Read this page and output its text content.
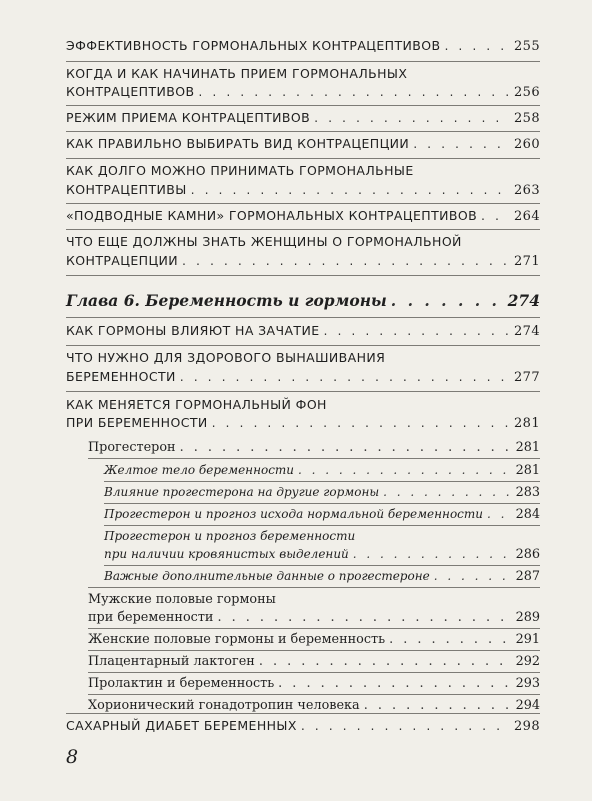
ЭФФЕКТИВНОСТЬ ГОРМОНАЛЬНЫХ КОНТРАЦЕПТИВОВ . . .	255
КОГДА И КАК НАЧИНАТЬ ПРИЕМ ГОРМОНАЛЬНЫХ
КОНТРАЦЕПТИВОВ . . .	256
РЕЖИМ ПРИЕМА КОНТРАЦЕПТИВОВ . . .	258
КАК ПРАВИЛЬНО ВЫБИРАТЬ ВИД КОНТРАЦЕПЦИИ . . .	260
КАК ДОЛГО МОЖНО ПРИНИМАТЬ ГОРМОНАЛЬНЫЕ
КОНТРАЦЕПТИВЫ . . .	263
«ПОДВОДНЫЕ КАМНИ» ГОРМОНАЛЬНЫХ КОНТРАЦЕПТИВОВ . . .	264
ЧТО ЕЩЕ ДОЛЖНЫ ЗНАТЬ ЖЕНЩИНЫ О ГОРМОНАЛЬНОЙ
КОНТРАЦЕПЦИИ . . .	271
Глава 6. Беременность и гормоны . . .	274
КАК ГОРМОНЫ ВЛИЯЮТ НА ЗАЧАТИЕ . . .	274
ЧТО НУЖНО ДЛЯ ЗДОРОВОГО ВЫНАШИВАНИЯ
БЕРЕМЕННОСТИ . . .	277
КАК МЕНЯЕТСЯ ГОРМОНАЛЬНЫЙ ФОН
ПРИ БЕРЕМЕННОСТИ . . .	281
Прогестерон . . .	281
Желтое тело беременности . . .	281
Влияние прогестерона на другие гормоны . . .	283
Прогестерон и прогноз исхода нормальной беременности . . .	284
Прогестерон и прогноз беременности
при наличии кровянистых выделений . . .	286
Важные дополнительные данные о прогестероне . . .	287
Мужские половые гормоны
при беременности . . .	289
Женские половые гормоны и беременность . . .	291
Плацентарный лактоген . . .	292
Пролактин и беременность . . .	293
Хорионический гонадотропин человека . . .	294
САХАРНЫЙ ДИАБЕТ БЕРЕМЕННЫХ . . .	298
8
